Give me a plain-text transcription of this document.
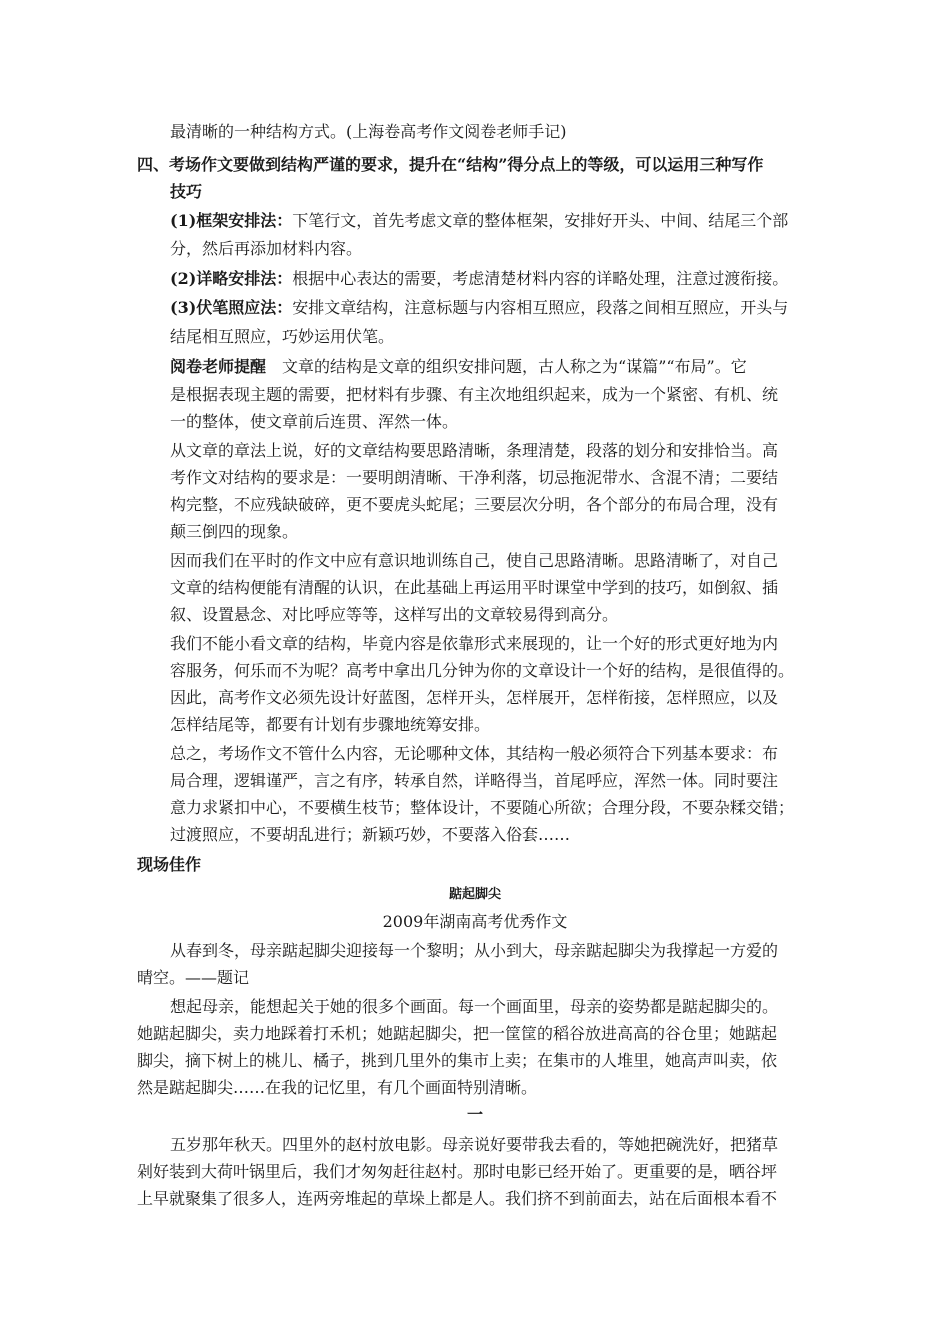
最清晰的一种结构方式。(上海卷高考作文阅卷老师手记)
四、考场作文要做到结构严谨的要求，提升在“结构”得分点上的等级，可以运用三种写作
技巧
(1)框架安排法：下笔行文，首先考虑文章的整体框架，安排好开头、中间、结尾三个部
分，然后再添加材料内容。
(2)详略安排法：根据中心表达的需要，考虑清楚材料内容的详略处理，注意过渡衔接。
(3)伏笔照应法：安排文章结构，注意标题与内容相互照应，段落之间相互照应，开头与
结尾相互照应，巧妙运用伏笔。
阅卷老师提醒　文章的结构是文章的组织安排问题，古人称之为“谋篇”“布局”。它
是根据表现主题的需要，把材料有步骤、有主次地组织起来，成为一个紧密、有机、统
一的整体，使文章前后连贯、浑然一体。
从文章的章法上说，好的文章结构要思路清晰，条理清楚，段落的划分和安排恰当。高
考作文对结构的要求是：一要明朗清晰、干净利落，切忌拖泥带水、含混不清；二要结
构完整，不应残缺破碎，更不要虎头蛇尾；三要层次分明，各个部分的布局合理，没有
颠三倒四的现象。
因而我们在平时的作文中应有意识地训练自己，使自己思路清晰。思路清晰了，对自己
文章的结构便能有清醒的认识，在此基础上再运用平时课堂中学到的技巧，如倒叙、插
叙、设置悬念、对比呼应等等，这样写出的文章较易得到高分。
我们不能小看文章的结构，毕竟内容是依靠形式来展现的，让一个好的形式更好地为内
容服务，何乐而不为呢？高考中拿出几分钟为你的文章设计一个好的结构，是很值得的。
因此，高考作文必须先设计好蓝图，怎样开头，怎样展开，怎样衔接，怎样照应，以及
怎样结尾等，都要有计划有步骤地统筹安排。
总之，考场作文不管什么内容，无论哪种文体，其结构一般必须符合下列基本要求：布
局合理，逻辑谨严，言之有序，转承自然，详略得当，首尾呼应，浑然一体。同时要注
意力求紧扣中心，不要横生枝节；整体设计，不要随心所欲；合理分段，不要杂糅交错；
过渡照应，不要胡乱进行；新颖巧妙，不要落入俗套……
现场佳作
踮起脚尖
2009年湖南高考优秀作文
从春到冬，母亲踮起脚尖迎接每一个黎明；从小到大，母亲踮起脚尖为我撑起一方爱的
晴空。——题记
想起母亲，能想起关于她的很多个画面。每一个画面里，母亲的姿势都是踮起脚尖的。
她踮起脚尖，卖力地踩着打禾机；她踮起脚尖，把一筐筐的稻谷放进高高的谷仓里；她踮起
脚尖，摘下树上的桃儿、橘子，挑到几里外的集市上卖；在集市的人堆里，她高声叫卖，依
然是踮起脚尖……在我的记忆里，有几个画面特别清晰。
一
五岁那年秋天。四里外的赵村放电影。母亲说好要带我去看的，等她把碗洗好，把猪草
剁好装到大荷叶锅里后，我们才匆匆赶往赵村。那时电影已经开始了。更重要的是，晒谷坪
上早就聚集了很多人，连两旁堆起的草垛上都是人。我们挤不到前面去，站在后面根本看不
